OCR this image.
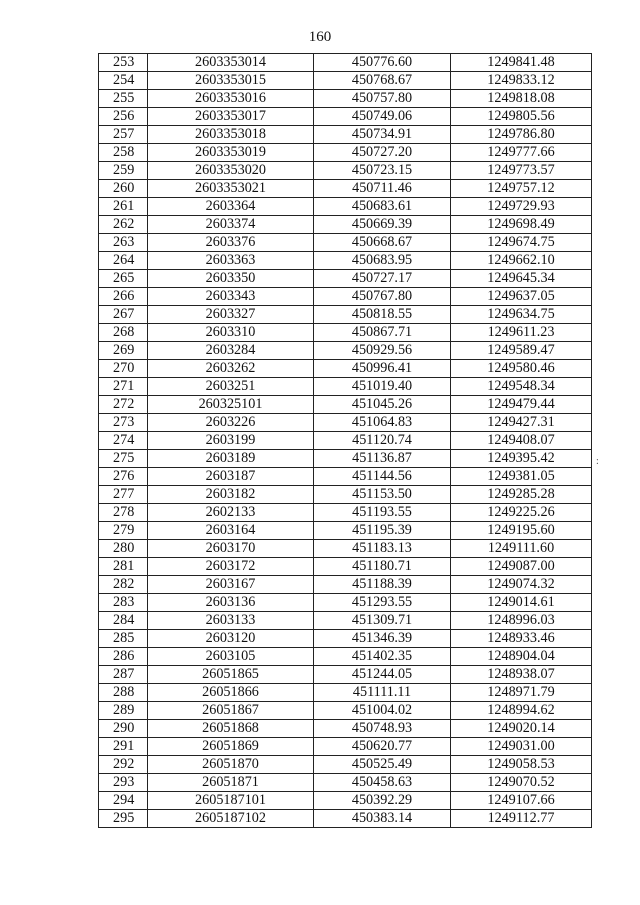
160
253	2603353014	450776.60	1249841.48
254	2603353015	450768.67	1249833.12
255	2603353016	450757.80	1249818.08
256	2603353017	450749.06	1249805.56
257	2603353018	450734.91	1249786.80
258	2603353019	450727.20	1249777.66
259	2603353020	450723.15	1249773.57
260	2603353021	450711.46	1249757.12
261	2603364	450683.61	1249729.93
262	2603374	450669.39	1249698.49
263	2603376	450668.67	1249674.75
264	2603363	450683.95	1249662.10
265	2603350	450727.17	1249645.34
266	2603343	450767.80	1249637.05
267	2603327	450818.55	1249634.75
268	2603310	450867.71	1249611.23
269	2603284	450929.56	1249589.47
270	2603262	450996.41	1249580.46
271	2603251	451019.40	1249548.34
272	260325101	451045.26	1249479.44
273	2603226	451064.83	1249427.31
274	2603199	451120.74	1249408.07
275	2603189	451136.87	1249395.42
276	2603187	451144.56	1249381.05
277	2603182	451153.50	1249285.28
278	2602133	451193.55	1249225.26
279	2603164	451195.39	1249195.60
280	2603170	451183.13	1249111.60
281	2603172	451180.71	1249087.00
282	2603167	451188.39	1249074.32
283	2603136	451293.55	1249014.61
284	2603133	451309.71	1248996.03
285	2603120	451346.39	1248933.46
286	2603105	451402.35	1248904.04
287	26051865	451244.05	1248938.07
288	26051866	451111.11	1248971.79
289	26051867	451004.02	1248994.62
290	26051868	450748.93	1249020.14
291	26051869	450620.77	1249031.00
292	26051870	450525.49	1249058.53
293	26051871	450458.63	1249070.52
294	2605187101	450392.29	1249107.66
295	2605187102	450383.14	1249112.77
:
